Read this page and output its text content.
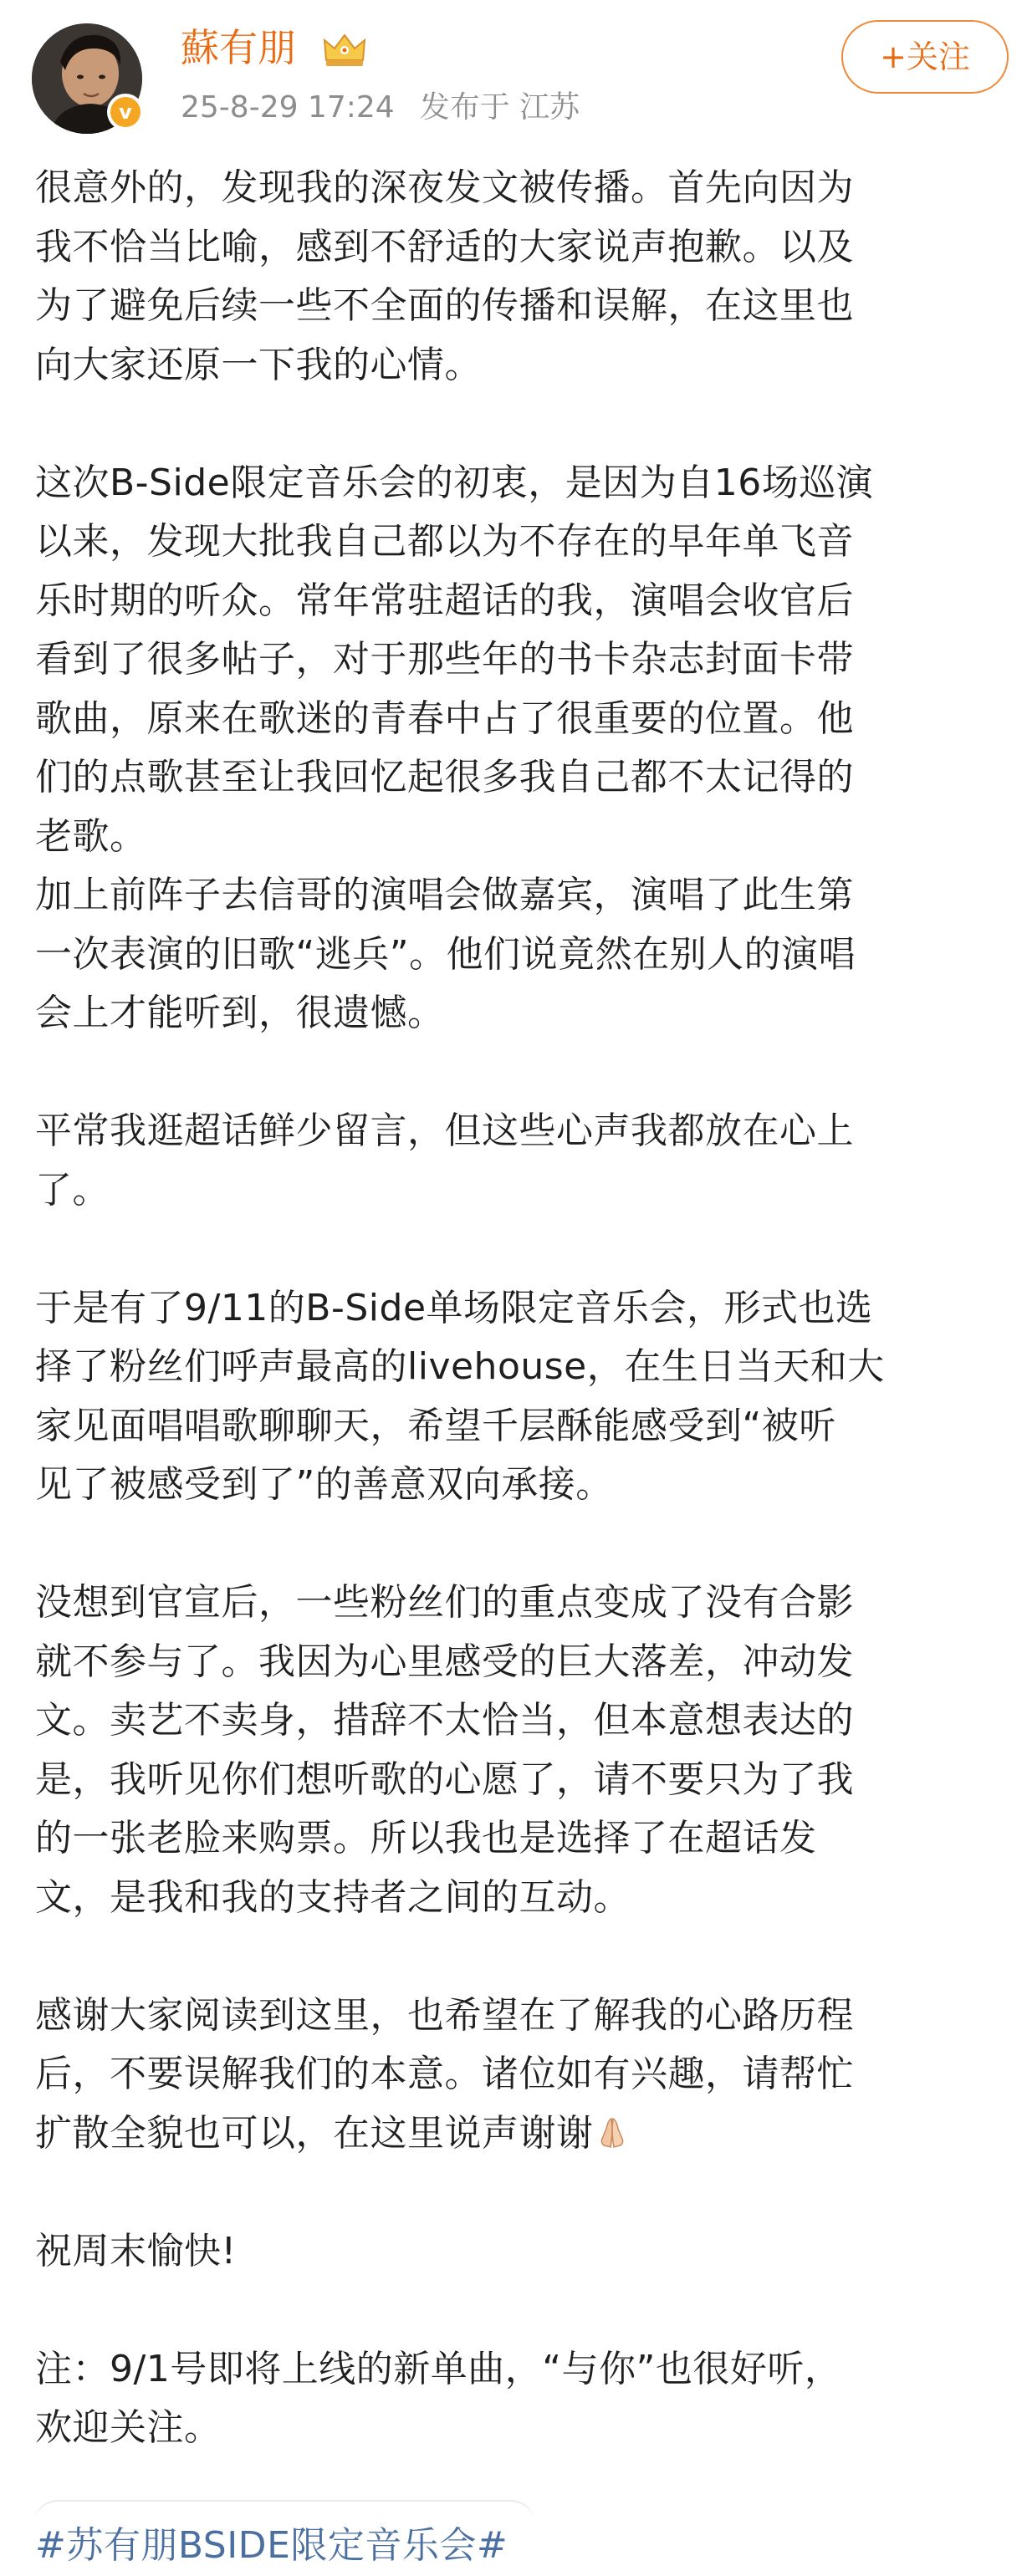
v
蘇有朋
25-8-29 17:24 发布于 江苏
+关注
很意外的，发现我的深夜发文被传播。首先向因为
我不恰当比喻，感到不舒适的大家说声抱歉。以及
为了避免后续一些不全面的传播和误解，在这里也
向大家还原一下我的心情。
这次B-Side限定音乐会的初衷，是因为自16场巡演
以来，发现大批我自己都以为不存在的早年单飞音
乐时期的听众。常年常驻超话的我，演唱会收官后
看到了很多帖子，对于那些年的书卡杂志封面卡带
歌曲，原来在歌迷的青春中占了很重要的位置。他
们的点歌甚至让我回忆起很多我自己都不太记得的
老歌。
加上前阵子去信哥的演唱会做嘉宾，演唱了此生第
一次表演的旧歌“逃兵”。他们说竟然在别人的演唱
会上才能听到，很遗憾。
平常我逛超话鲜少留言，但这些心声我都放在心上
了。
于是有了9/11的B-Side单场限定音乐会，形式也选
择了粉丝们呼声最高的livehouse，在生日当天和大
家见面唱唱歌聊聊天，希望千层酥能感受到“被听
见了被感受到了”的善意双向承接。
没想到官宣后，一些粉丝们的重点变成了没有合影
就不参与了。我因为心里感受的巨大落差，冲动发
文。卖艺不卖身，措辞不太恰当，但本意想表达的
是，我听见你们想听歌的心愿了，请不要只为了我
的一张老脸来购票。所以我也是选择了在超话发
文，是我和我的支持者之间的互动。
感谢大家阅读到这里，也希望在了解我的心路历程
后，不要误解我们的本意。诸位如有兴趣，请帮忙
扩散全貌也可以，在这里说声谢谢
祝周末愉快!
注：9/1号即将上线的新单曲，“与你”也很好听，
欢迎关注。
#苏有朋BSIDE限定音乐会#
